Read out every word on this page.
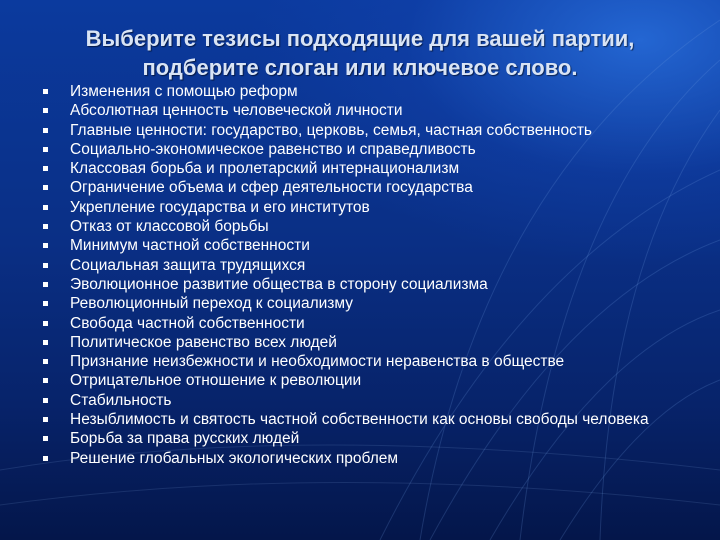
Выберите тезисы подходящие для вашей партии,
подберите слоган или ключевое слово.
Изменения с помощью реформ
Абсолютная ценность человеческой личности
Главные ценности: государство, церковь, семья, частная собственность
Социально-экономическое равенство и справедливость
Классовая борьба и пролетарский интернационализм
Ограничение объема и сфер деятельности государства
Укрепление государства и его институтов
Отказ от классовой борьбы
Минимум частной собственности
Социальная защита трудящихся
Эволюционное развитие общества в сторону социализма
Революционный переход к социализму
Свобода частной собственности
Политическое равенство всех людей
Признание неизбежности и необходимости неравенства в обществе
Отрицательное отношение к революции
Стабильность
Незыблимость и святость частной собственности как основы свободы человека
Борьба за права русских людей
Решение глобальных экологических проблем
